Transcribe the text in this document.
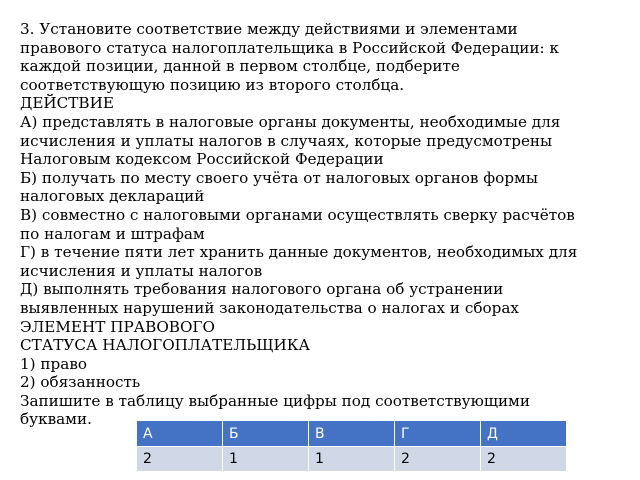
3. Установите соответствие между действиями и элементами
правового статуса налогоплательщика в Российской Федерации: к
каждой позиции, данной в первом столбце, подберите
соответствующую позицию из второго столбца.
ДЕЙСТВИЕ
А) представлять в налоговые органы документы, необходимые для
исчисления и уплаты налогов в случаях, которые предусмотрены
Налоговым кодексом Российской Федерации
Б) получать по месту своего учёта от налоговых органов формы
налоговых деклараций
В) совместно с налоговыми органами осуществлять сверку расчётов
по налогам и штрафам
Г) в течение пяти лет хранить данные документов, необходимых для
исчисления и уплаты налогов
Д) выполнять требования налогового органа об устранении
выявленных нарушений законодательства о налогах и сборах
ЭЛЕМЕНТ ПРАВОВОГО
СТАТУСА НАЛОГОПЛАТЕЛЬЩИКА
1) право
2) обязанность
Запишите в таблицу выбранные цифры под соответствующими
буквами.
А	Б	В	Г	Д
2	1	1	2	2
